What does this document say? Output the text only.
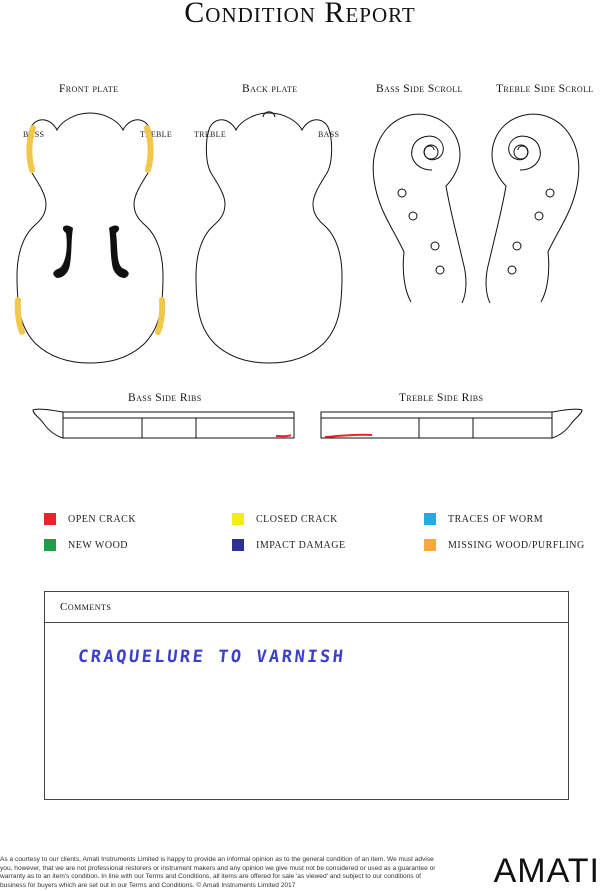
Condition Report
Front plate	Back plate	Bass Side Scroll	Treble Side Scroll
Bass Side Ribs	Treble Side Ribs
BASS	TREBLE	TREBLE	BASS
OPEN CRACK	CLOSED CRACK	TRACES OF WORM
NEW WOOD	IMPACT DAMAGE	MISSING WOOD/PURFLING
Comments
CRAQUELURE TO VARNISH
As a courtesy to our clients, Amati Instruments Limited is happy to provide an informal opinion as to the general condition of an item. We must advise you, however, that we are not professional restorers or instrument makers and any opinion we give must not be considered or used as a guarantee or warranty as to an item's condition. In line with our Terms and Conditions, all items are offered for sale 'as viewed' and subject to our conditions of business for buyers which are set out in our Terms and Conditions. © Amati Instruments Limited 2017	AMATI
